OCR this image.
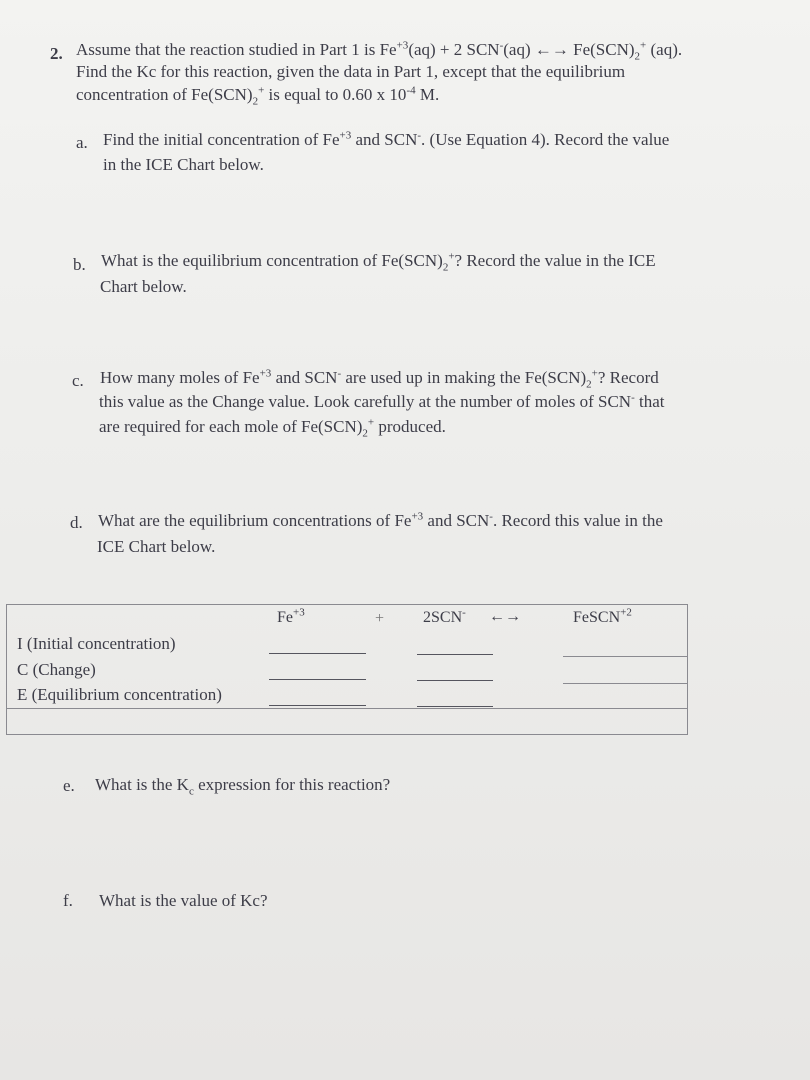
2. Assume that the reaction studied in Part 1 is $Fe^{+3}(aq) + 2$ SCN-(aq) ←→ $Fe(SCN)_2^+$ (aq).
Find the Kc for this reaction, given the data in Part 1, except that the equilibrium
concentration of $Fe(SCN)_2^+$ is equal to 0.60 x $10^{-4}$ M.
a. Find the initial concentration of $Fe^{+3}$ and SCN-. (Use Equation 4). Record the value
in the ICE Chart below.
b. What is the equilibrium concentration of $Fe(SCN)_2^+$? Record the value in the ICE
Chart below.
c. How many moles of $Fe^{+3}$ and SCN- are used up in making the $Fe(SCN)_2^+$? Record
this value as the Change value. Look carefully at the number of moles of SCN- that
are required for each mole of $Fe(SCN)_2^+$ produced.
d. What are the equilibrium concentrations of $Fe^{+3}$ and SCN-. Record this value in the
ICE Chart below.
$Fe^{+3}$	+ 2SCN- ←→	FeSCN$^{+2}$
I (Initial concentration)
C (Change)
E (Equilibrium concentration)
e. What is the $K_c$ expression for this reaction?
f. What is the value of Kc?
